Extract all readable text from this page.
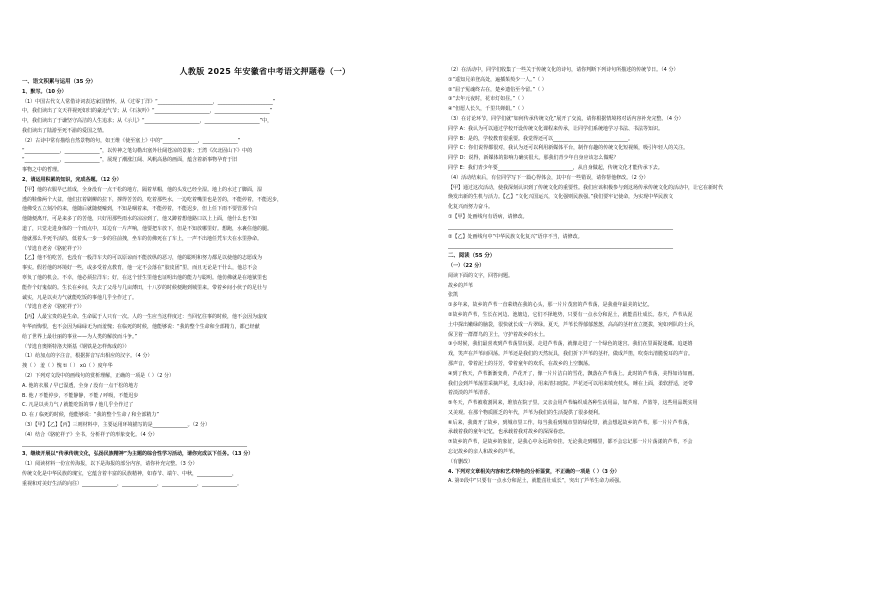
人教版 2025 年安徽省中考语文押题卷（一）
一、语文积累与运用（35 分）
1、默写。（10 分）
（1）中国古代文人常借诗词表达家国情怀，从《过零丁洋》“______________________，______________________”
中，我们读出了文天祥视死如归的豪迈气节；从《石灰吟》“______________________，______________________”
中，我们读出了于谦坚守高洁的人生追求；从《示儿》“______________________，______________________”中，
我们读出了陆游至死不渝的爱国之情。
（2）古诗中常有描绘自然景物的句，如王维《使至塞上》中的“______________，______________”
“______________，______________”，以传神之笔勾勒出塞外壮阔苍凉的景象；王湾《次北固山下》中的
“______________，______________”，展现了潮涨江阔、风帆高悬的画面，蕴含着新事物孕育于旧
事物之中的哲理。
2、请运用积累的知识，完成各题。（12 分）
【甲】他的衣服早已蓝成，全身没有一点干松的地方，隔着草帽，他的头发已经全湿。地上的水过了脚面，湿
透的鞋像两个大盆，他们扛着刷柳的拉下，撑得苦苦的，吃着那些水，一边吃着嘴里也是苦的，不能停着，不能迟步，
他佛受五立刻冷的来，他随后就随便嚎到，不知是咽着来，不能停着，不能迟步，但上任下雨不要管那个白
他随便离开，可是来多了的苦他，只好用那些雨水的凉凉到了，他又蹲着想他路口以上上面，他什么也不知
道了，只觉走进身体的一个雨点中，耳边有一片声响，他要把车放下，但是不知放哪里好。想跑，水裹住他的腿。
他就那么半死半活的，低着头一步一步的往前拽，坐车的仿佛死在了车上，一声不出地任凭车夫在水里挣命。
（节选自老舍《骆驼祥子》）
【乙】他不怕吃苦，也没有一般洋车夫的可以原谅而不能放纵的恶习，他的聪明和努力都足以使他的志愿成为
事实。假若他的环境好一些，或多受着点教育，他一定不会落在“胶皮团”里，而且无论是干什么，他总不会
辜负了他的机会。不幸，他必须拉洋车；好，在这个营生里他也证明出他的能力与聪明。他仿佛就是在地狱里也
能作个好鬼似的。生长在乡间，失去了父母与几亩薄田，十八岁的时候便跑到城里来。带着乡间小伙子的足壮与
诚实，凡是以卖力气就能吃饭的事他几乎全作过了。
（节选自老舍《骆驼祥子》）
【丙】人最宝贵的是生命。生命属于人只有一次。人的一生应当这样度过：当回忆往事的时候，他不会因为虚度
年华而悔恨，也不会因为碌碌无为而羞愧；在临死的时候，他能够说：“我的整个生命和全部精力，都已经献
给了世界上最壮丽的事业——为人类的解放而斗争。”
（节选自奥斯特洛夫斯基《钢铁是怎样炼成的》）
（1）给加点的字注音，根据拼音写出相应的汉字。（4 分）
拽（ ） 羞（ ）愧 ti（ ） xū（ ）度年华
（2）下列对文段中的画线句的赏析理解，正确的一项是（ ）（2 分）
A. 他的衣服 / 早已湿透，全身 / 没有一点干松的地方
B. 他 / 不能停步，不能静静，不能 / 呼吸，不能迟步
C. 凡是以卖力气 / 就能吃饭的事 / 他几乎全作过了
D. 在 / 临死的时候，他能够说：“我的整个生命 / 和全部精力”
（3）【甲】【乙】【丙】三则材料中，主要运用环境描写的是______________。（2 分）
（4）结合《骆驼祥子》全书，分析祥子的形象变化。（4 分）
__________________________________________________________________________________________
3、继续开展以“传承传统文化，弘扬民族精神”为主题的综合性学习活动，请你完成以下任务。（13 分）
（1）阅读材料一份宣传海报，以下是海报的部分内容，请你补充完整。（3 分）
传统文化是中华民族的瑰宝，它蕴含着丰富的民族精神，如春节、端午、中秋，______________，
重视和对美好生活的向往）______________，______________，______________，______________。
（2）在活动中，同学们收集了一些关于传统文化的诗句，请你判断下列诗句所描述的传统节日。（4 分）
①“遥知兄弟登高处，遍插茱萸少一人。”（ ）
②“屈子冤魂终古在，楚乡遗俗至今留。”（ ）
③“去年元夜时，花市灯如昼。”（ ）
④“但愿人长久，千里共婵娟。”（ ）
（3）在讨论环节，同学们就“如何传承传统文化”展开了交流，请你根据情境将对话内容补充完整。（4 分）
同学 A：我认为可以通过学校开设传统文化课程来传承，让同学们系统地学习书法、书法等知识。
同学 B：是的，学校教育很重要。我觉得还可以______________________________。
同学 C：你们说得都很对，我认为还可以利用新媒体平台，制作有趣的传统文化短视频，吸引年轻人的关注。
同学 D：说得，新媒体的影响力确实很大。那我们青少年自身应该怎么做呢？
同学 E：我们青少年要______________________________，从自身做起，传统文化才能传承下去。
（4）活动结束后，有位同学写下一篇心得体会，其中有一些错误，请你帮他修改。（2 分）
【甲】通过这次活动，使我深刻认识到了传统文化的重要性。我们应该积极参与到这场传承传统文化的活动中，让它在新时代
焕发出新的生机与活力。【乙】“文化兴国运兴，文化强则民族强。”我们要牢记使命，为实现中华民族文
化复兴而努力奋斗。
①【甲】处画线句有语病，请修改。
__________________________________________________________________________________________
②【乙】处画线句中“中华民族文化复兴”语序不当，请修改。
__________________________________________________________________________________________
二、阅读（55 分）
（一）（22 分）
阅读下面的文字，回答问题。
故乡的芦苇
张凯
①多年来，故乡的芦苇一直萦绕在我的心头，那一片片茂密的芦苇荡，是我童年最美的记忆。
②故乡的芦苇，生长在河边、池塘边，它们不择地势，只要有一点水分和泥土，就能茁壮成长。春天，芦苇从泥
土中探出嫩绿的脑袋，很快就长成一片翠绿。夏天，芦苇长得郁郁葱葱，高高的茎杆直立挺拔，宛如列队的士兵，
保卫着一群群鸟的卫士，守护着故乡的水土。
③小时候，我们最喜欢到芦苇荡里玩耍。走进芦苇荡，就像走进了一个绿色的迷宫。我们在里面捉迷藏、追逐嬉
戏，笑声在芦苇间回荡。芦苇还是我们的天然玩具，我们折下芦苇的茎杆，做成芦笛，吹奏出清脆悦耳的声音。
那声音，带着泥土的芬芳，带着童年的欢乐，在故乡的上空飘荡。
④到了秋天，芦苇渐渐变黄，芦花开了，像一片片洁白的雪花，飘落在芦苇荡上。此时的芦苇荡，美得如诗如画。
我们会到芦苇荡里采摘芦花，扎成扫帚，用来清扫庭院。芦花还可以用来填充枕头，睡在上面，柔软舒适，还带
着淡淡的芦苇清香。
⑤冬天，芦苇被收割回来，堆放在院子里。父亲会用芦苇编织成各种生活用品，如芦席、芦篮等，这些用品既实用
又美观。在那个物质匮乏的年代，芦苇为我们的生活提供了很多便利。
⑥后来，我离开了故乡，到城市里工作。每当我看到城市里的绿化带，就会想起故乡的芦苇。那一片片芦苇荡，
承载着我的童年记忆，也承载着我对故乡的深深眷恋。
⑦故乡的芦苇，是故乡的象征，是我心中永远的牵挂。无论我走到哪里，都不会忘记那一片片荡漾的芦苇，不会
忘记故乡的亲人和故乡的芦苇。
（有删改）
4. 下列对文章相关内容和艺术特色的分析鉴赏，不正确的一项是（ ）（3 分）
A. 第②段中“只要有一点水分和泥土，就能茁壮成长”，突出了芦苇生命力顽强。
